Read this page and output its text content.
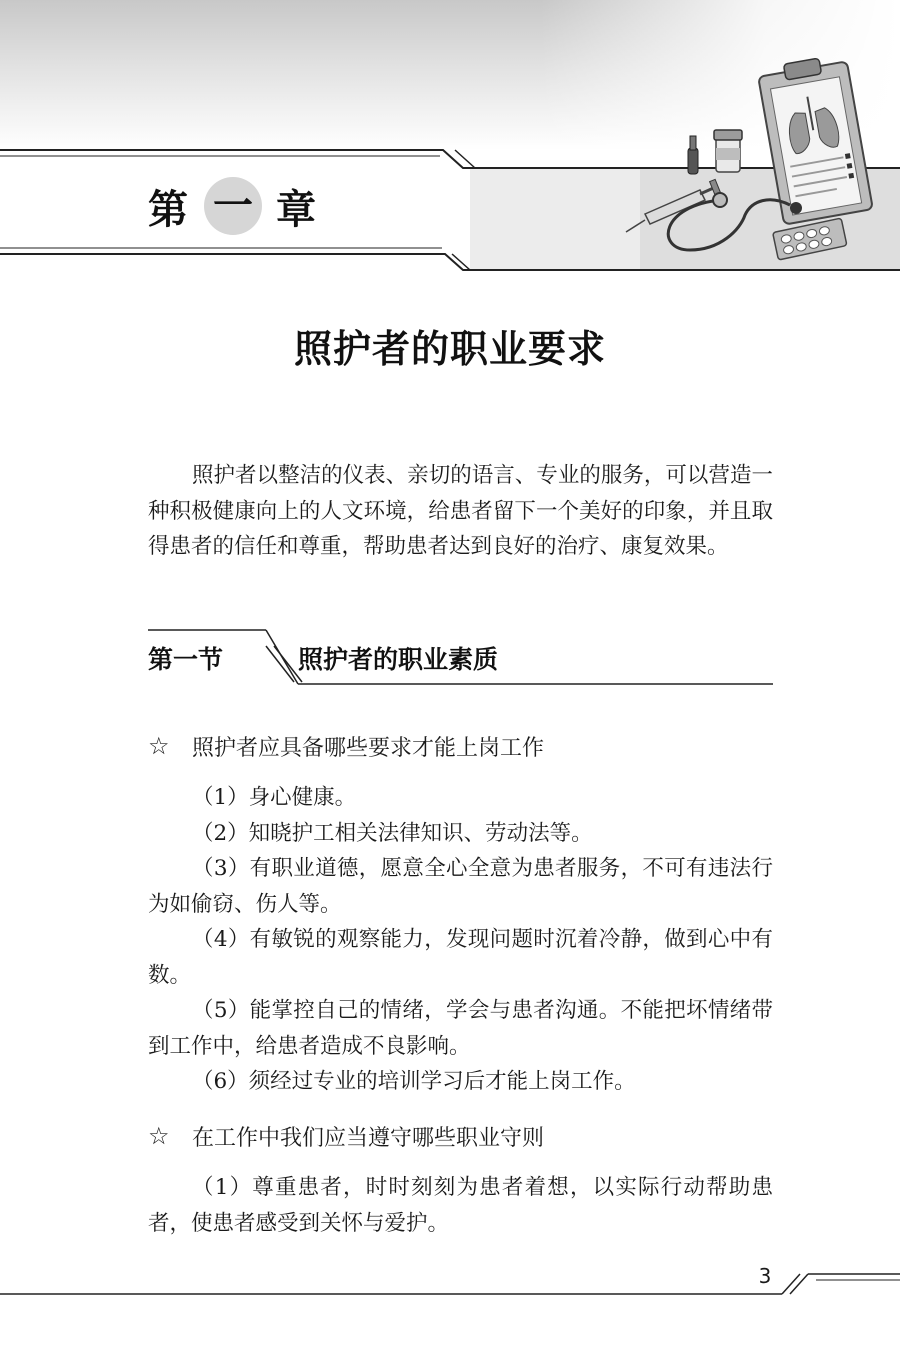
第 一 章
照护者的职业要求
照护者以整洁的仪表、亲切的语言、专业的服务，可以营造一种积极健康向上的人文环境，给患者留下一个美好的印象，并且取得患者的信任和尊重，帮助患者达到良好的治疗、康复效果。
第一节	照护者的职业素质
☆	照护者应具备哪些要求才能上岗工作

（1）身心健康。

（2）知晓护工相关法律知识、劳动法等。

（3）有职业道德，愿意全心全意为患者服务，不可有违法行为如偷窃、伤人等。

（4）有敏锐的观察能力，发现问题时沉着冷静，做到心中有数。

（5）能掌控自己的情绪，学会与患者沟通。不能把坏情绪带到工作中，给患者造成不良影响。

（6）须经过专业的培训学习后才能上岗工作。

☆	在工作中我们应当遵守哪些职业守则

（1）尊重患者，时时刻刻为患者着想，以实际行动帮助患者，使患者感受到关怀与爱护。

3
